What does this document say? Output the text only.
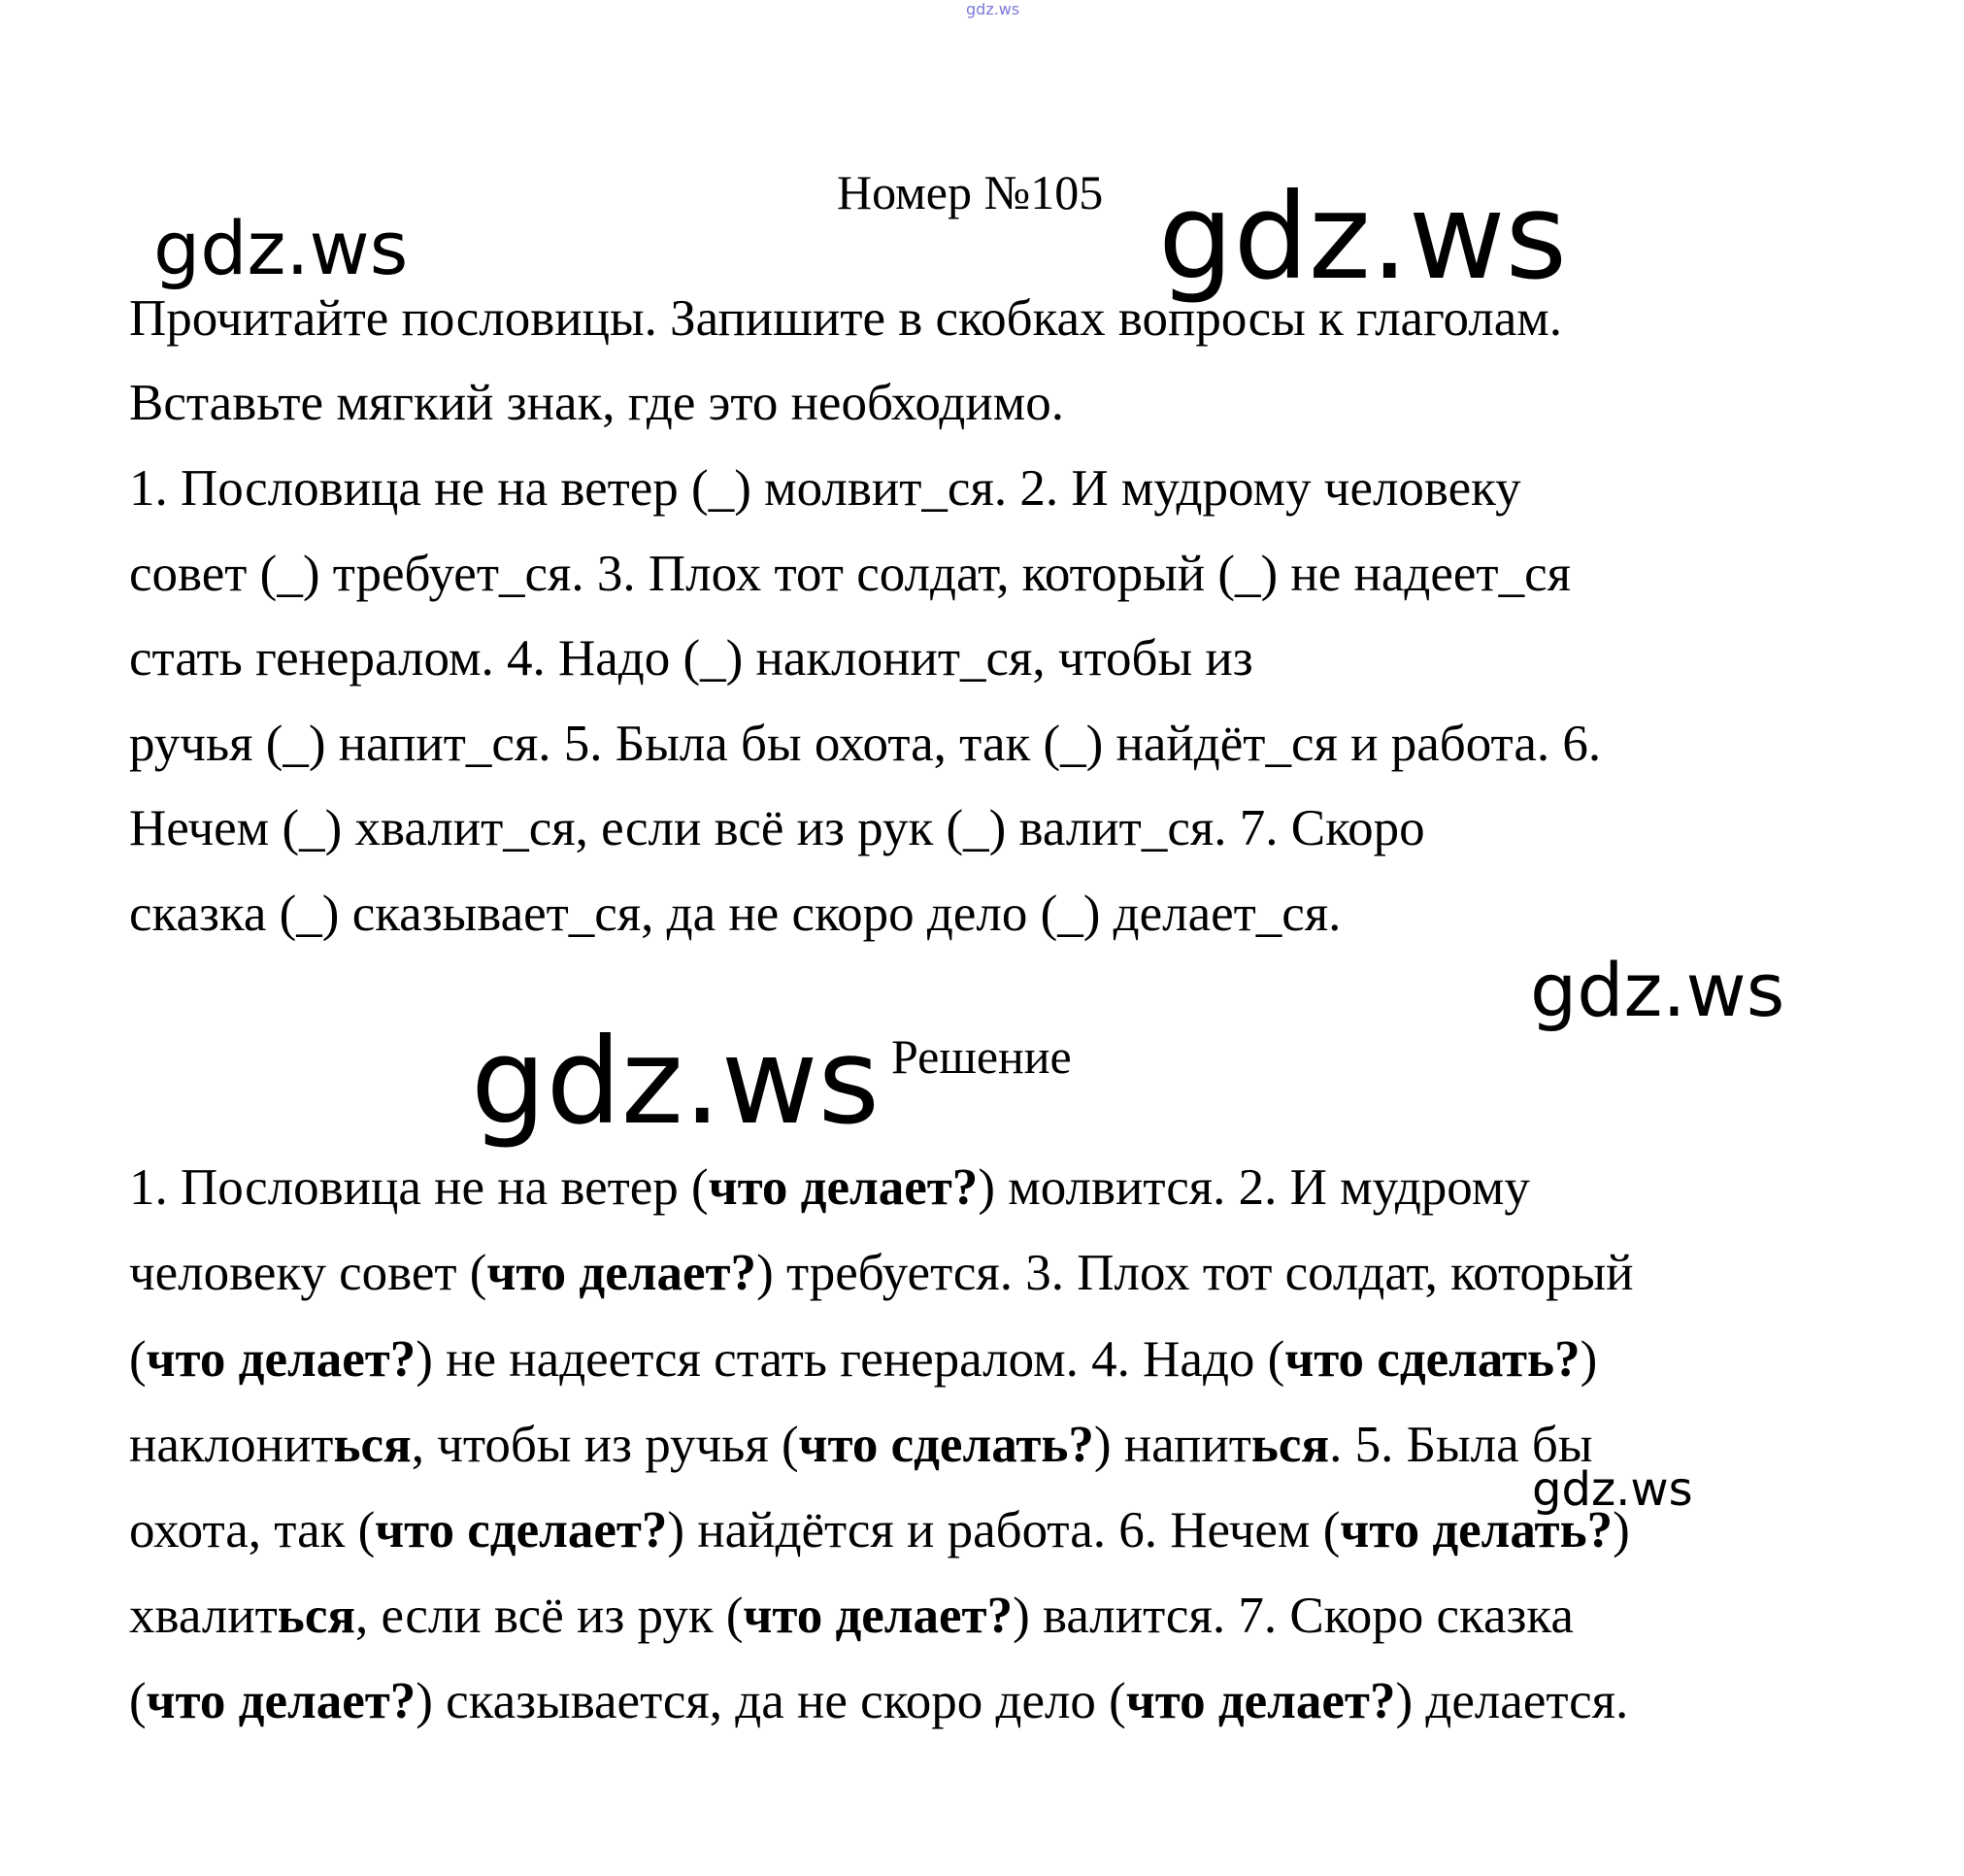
gdz.ws
Номер №105
gdz.ws	gdz.ws
Прочитайте пословицы. Запишите в скобках вопросы к глаголам.
Вставьте мягкий знак, где это необходимо.
1. Пословица не на ветер (_) молвит_ся. 2. И мудрому человеку
совет (_) требует_ся. 3. Плох тот солдат, который (_) не надеет_ся
стать генералом. 4. Надо (_) наклонит_ся, чтобы из
ручья (_) напит_ся. 5. Была бы охота, так (_) найдёт_ся и работа. 6.
Нечем (_) хвалит_ся, если всё из рук (_) валит_ся. 7. Скоро
сказка (_) сказывает_ся, да не скоро дело (_) делает_ся.
gdz.ws
gdz.ws Решение
1. Пословица не на ветер (что делает?) молвится. 2. И мудрому
человеку совет (что делает?) требуется. 3. Плох тот солдат, который
(что делает?) не надеется стать генералом. 4. Надо (что сделать?)
наклониться, чтобы из ручья (что сделать?) напиться. 5. Была бы
охота, так (что сделает?) найдётся и работа. 6. Нечем (что делать?)
хвалиться, если всё из рук (что делает?) валится. 7. Скоро сказка
(что делает?) сказывается, да не скоро дело (что делает?) делается.
gdz.ws
